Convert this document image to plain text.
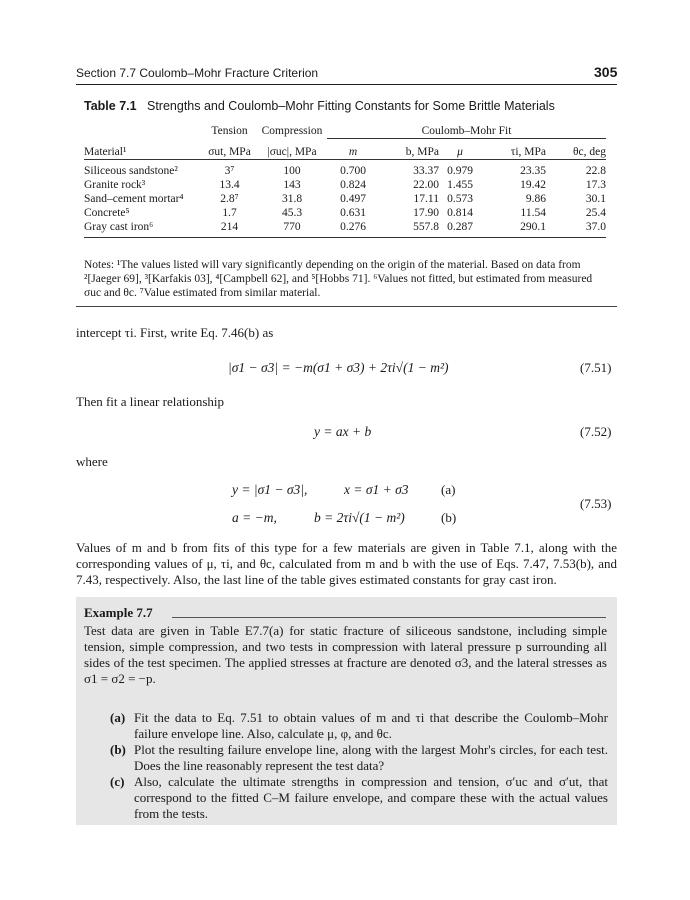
Section 7.7 Coulomb–Mohr Fracture Criterion	305
Table 7.1 Strengths and Coulomb–Mohr Fitting Constants for Some Brittle Materials
	Tension	Compression	Coulomb–Mohr Fit				

Material¹	σut, MPa	|σuc|, MPa	m	b, MPa	μ	τi, MPa	θc, deg

Siliceous sandstone²	3⁷	100	0.700	33.37	0.979	23.35	22.8
Granite rock³	13.4	143	0.824	22.00	1.455	19.42	17.3
Sand–cement mortar⁴	2.8⁷	31.8	0.497	17.11	0.573	9.86	30.1
Concrete⁵	1.7	45.3	0.631	17.90	0.814	11.54	25.4
Gray cast iron⁶	214	770	0.276	557.8	0.287	290.1	37.0

Notes: ¹The values listed will vary significantly depending on the origin of the material. Based on data from ²[Jaeger 69], ³[Karfakis 03], ⁴[Campbell 62], and ⁵[Hobbs 71]. ⁶Values not fitted, but estimated from measured σuc and θc. ⁷Value estimated from similar material.
intercept τi. First, write Eq. 7.46(b) as
|σ1 − σ3| = −m(σ1 + σ3) + 2τi√(1 − m²)	(7.51)
Then fit a linear relationship
y = ax + b	(7.52)
where
y = |σ1 − σ3|,	x = σ1 + σ3 (a)
(7.53)
a = −m,	b = 2τi√(1 − m²)	(b)
Values of m and b from fits of this type for a few materials are given in Table 7.1, along with the corresponding values of μ, τi, and θc, calculated from m and b with the use of Eqs. 7.47, 7.53(b), and 7.43, respectively. Also, the last line of the table gives estimated constants for gray cast iron.
Example 7.7
Test data are given in Table E7.7(a) for static fracture of siliceous sandstone, including simple tension, simple compression, and two tests in compression with lateral pressure p surrounding all sides of the test specimen. The applied stresses at fracture are denoted σ3, and the lateral stresses as σ1 = σ2 = −p.
(a) Fit the data to Eq. 7.51 to obtain values of m and τi that describe the Coulomb–Mohr failure envelope line. Also, calculate μ, φ, and θc.
(b) Plot the resulting failure envelope line, along with the largest Mohr's circles, for each test. Does the line reasonably represent the test data?
(c) Also, calculate the ultimate strengths in compression and tension, σ′uc and σ′ut, that correspond to the fitted C–M failure envelope, and compare these with the actual values from the tests.
